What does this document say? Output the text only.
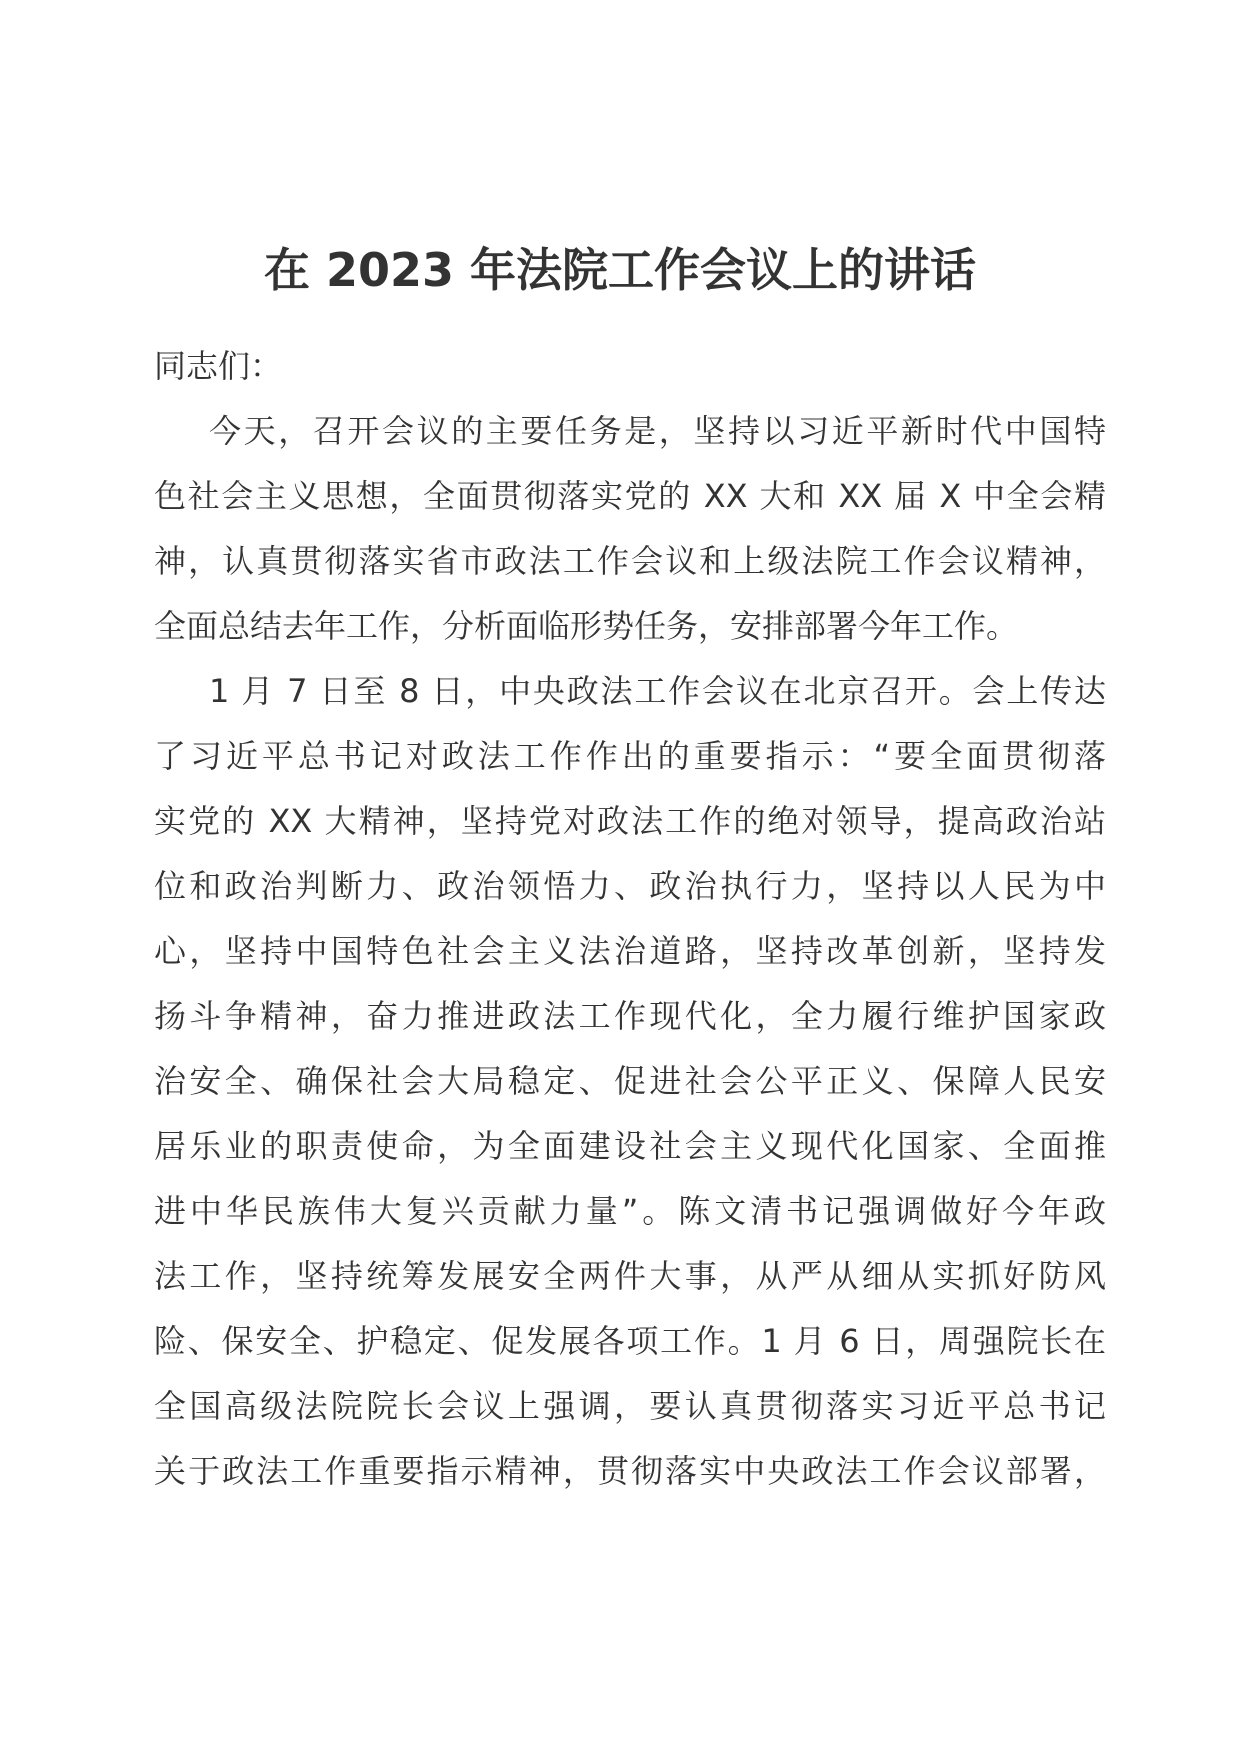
在 2023 年法院工作会议上的讲话
同志们：
今天，召开会议的主要任务是，坚持以习近平新时代中国特
色社会主义思想，全面贯彻落实党的 XX 大和 XX 届 X 中全会精
神，认真贯彻落实省市政法工作会议和上级法院工作会议精神，
全面总结去年工作，分析面临形势任务，安排部署今年工作。
1 月 7 日至 8 日，中央政法工作会议在北京召开。会上传达
了习近平总书记对政法工作作出的重要指示：“要全面贯彻落
实党的 XX 大精神，坚持党对政法工作的绝对领导，提高政治站
位和政治判断力、政治领悟力、政治执行力，坚持以人民为中
心，坚持中国特色社会主义法治道路，坚持改革创新，坚持发
扬斗争精神，奋力推进政法工作现代化，全力履行维护国家政
治安全、确保社会大局稳定、促进社会公平正义、保障人民安
居乐业的职责使命，为全面建设社会主义现代化国家、全面推
进中华民族伟大复兴贡献力量”。陈文清书记强调做好今年政
法工作，坚持统筹发展安全两件大事，从严从细从实抓好防风
险、保安全、护稳定、促发展各项工作。1 月 6 日，周强院长在
全国高级法院院长会议上强调，要认真贯彻落实习近平总书记
关于政法工作重要指示精神，贯彻落实中央政法工作会议部署，
